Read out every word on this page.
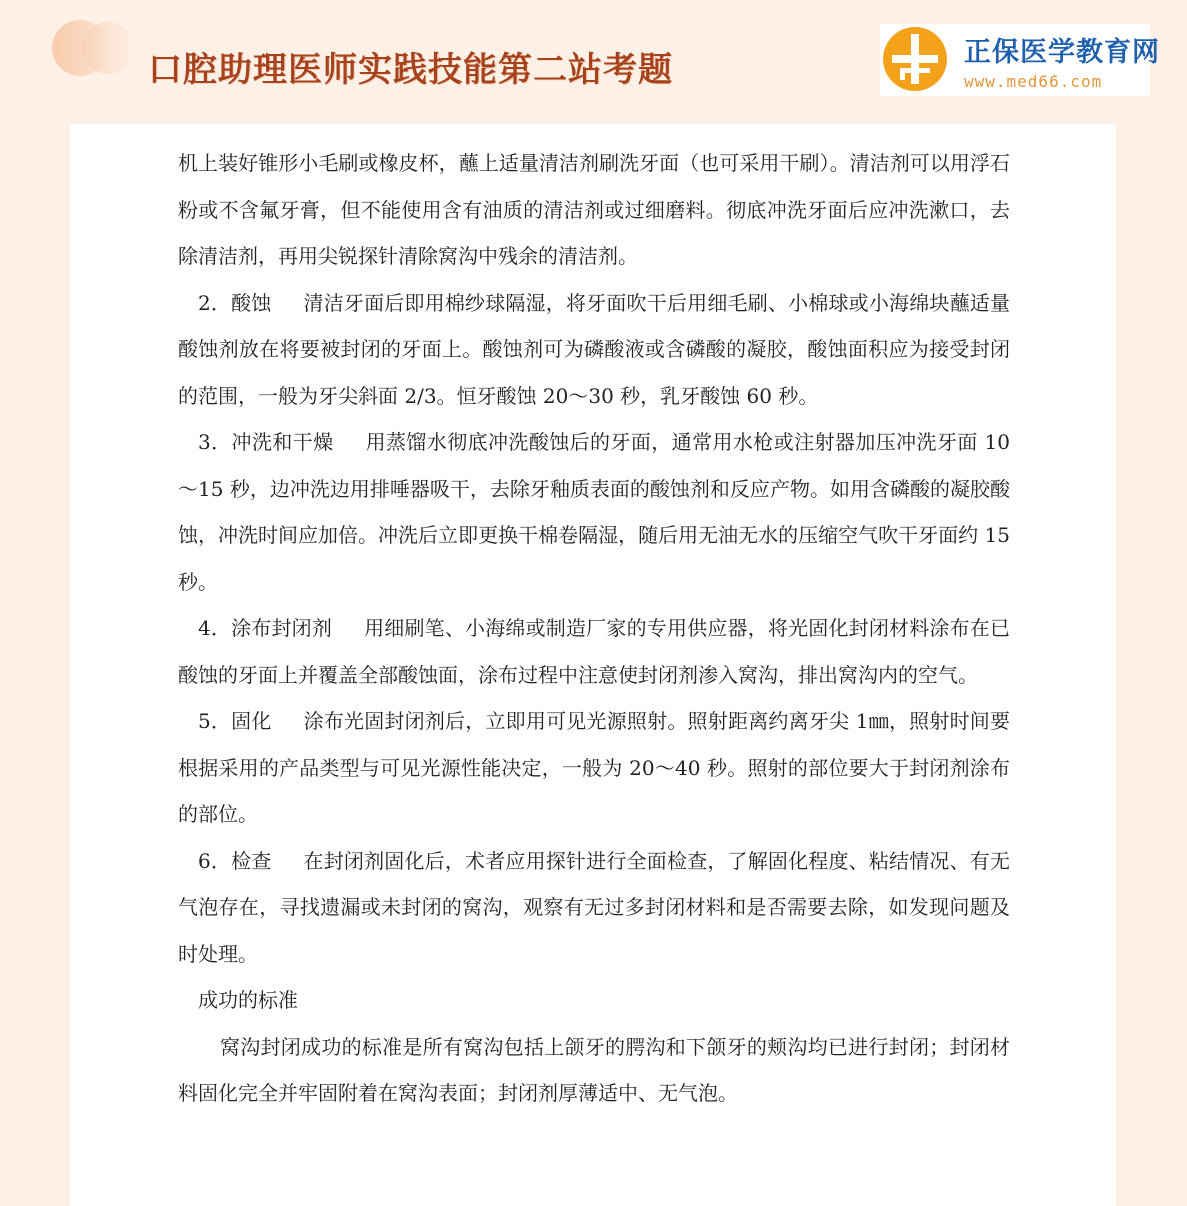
口腔助理医师实践技能第二站考题	正保医学教育网
www.med66.com

机上装好锥形小毛刷或橡皮杯，蘸上适量清洁剂刷洗牙面（也可采用干刷）。清洁剂可以用浮石粉或不含氟牙膏，但不能使用含有油质的清洁剂或过细磨料。彻底冲洗牙面后应冲洗漱口，去除清洁剂，再用尖锐探针清除窝沟中残余的清洁剂。

2．酸蚀 清洁牙面后即用棉纱球隔湿，将牙面吹干后用细毛刷、小棉球或小海绵块蘸适量酸蚀剂放在将要被封闭的牙面上。酸蚀剂可为磷酸液或含磷酸的凝胶，酸蚀面积应为接受封闭的范围，一般为牙尖斜面 2/3。恒牙酸蚀 20～30 秒，乳牙酸蚀 60 秒。

3．冲洗和干燥 用蒸馏水彻底冲洗酸蚀后的牙面，通常用水枪或注射器加压冲洗牙面 10～15 秒，边冲洗边用排唾器吸干，去除牙釉质表面的酸蚀剂和反应产物。如用含磷酸的凝胶酸蚀，冲洗时间应加倍。冲洗后立即更换干棉卷隔湿，随后用无油无水的压缩空气吹干牙面约 15 秒。

4．涂布封闭剂 用细刷笔、小海绵或制造厂家的专用供应器，将光固化封闭材料涂布在已酸蚀的牙面上并覆盖全部酸蚀面，涂布过程中注意使封闭剂渗入窝沟，排出窝沟内的空气。

5．固化 涂布光固封闭剂后，立即用可见光源照射。照射距离约离牙尖 1㎜，照射时间要根据采用的产品类型与可见光源性能决定，一般为 20～40 秒。照射的部位要大于封闭剂涂布的部位。

6．检查 在封闭剂固化后，术者应用探针进行全面检查，了解固化程度、粘结情况、有无气泡存在，寻找遗漏或未封闭的窝沟，观察有无过多封闭材料和是否需要去除，如发现问题及时处理。

成功的标准

窝沟封闭成功的标准是所有窝沟包括上颌牙的腭沟和下颌牙的颊沟均已进行封闭；封闭材料固化完全并牢固附着在窝沟表面；封闭剂厚薄适中、无气泡。
